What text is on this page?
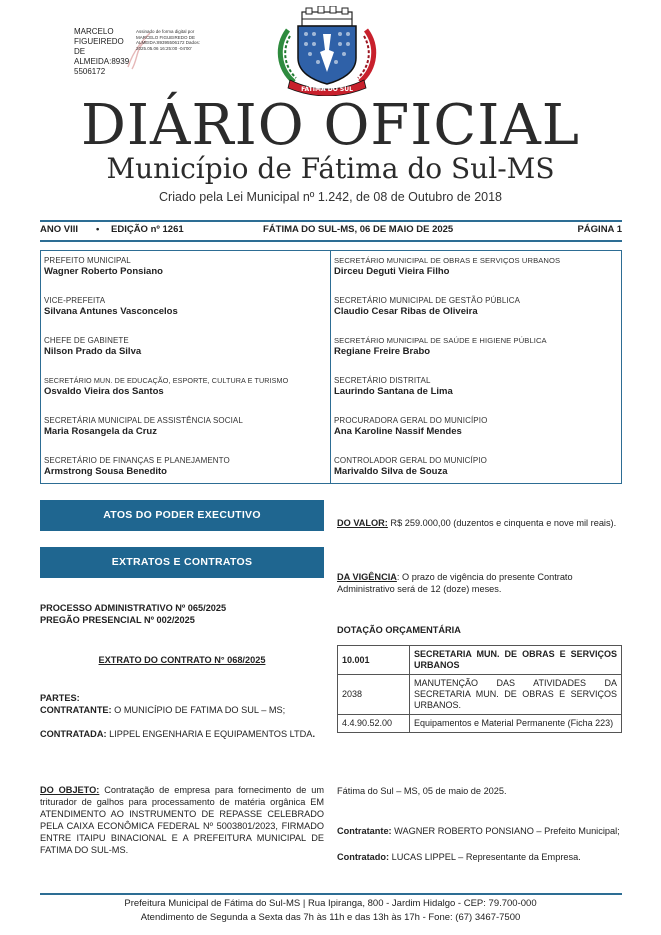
MARCELO FIGUEIREDO DE ALMEIDA:8939 5506172
Assinado de forma digital por MARCELO FIGUEIREDO DE ALMEIDA:89395506172 Dados: 2025.05.06 16:25:00 -04'00'
FATIMA DO SUL
DIÁRIO OFICIAL
Município de Fátima do Sul-MS
Criado pela Lei Municipal nº 1.242, de 08 de Outubro de 2018
ANO VIII • EDIÇÃO nº 1261	FÁTIMA DO SUL-MS, 06 DE MAIO DE 2025	PÁGINA 1
PREFEITO MUNICIPAL
Wagner Roberto Ponsiano
VICE-PREFEITA
Silvana Antunes Vasconcelos
CHEFE DE GABINETE
Nilson Prado da Silva
SECRETÁRIO MUN. DE EDUCAÇÃO, ESPORTE, CULTURA E TURISMO
Osvaldo Vieira dos Santos
SECRETÁRIA MUNICIPAL DE ASSISTÊNCIA SOCIAL
Maria Rosangela da Cruz
SECRETÁRIO DE FINANÇAS E PLANEJAMENTO
Armstrong Sousa Benedito
SECRETÁRIO MUNICIPAL DE OBRAS E SERVIÇOS URBANOS
Dirceu Deguti Vieira Filho
SECRETÁRIO MUNICIPAL DE GESTÃO PÚBLICA
Claudio Cesar Ribas de Oliveira
SECRETÁRIO MUNICIPAL DE SAÚDE E HIGIENE PÚBLICA
Regiane Freire Brabo
SECRETÁRIO DISTRITAL
Laurindo Santana de Lima
PROCURADORA GERAL DO MUNICÍPIO
Ana Karoline Nassif Mendes
CONTROLADOR GERAL DO MUNICÍPIO
Marivaldo Silva de Souza
ATOS DO PODER EXECUTIVO
EXTRATOS E CONTRATOS
PROCESSO ADMINISTRATIVO Nº 065/2025
PREGÃO PRESENCIAL Nº 002/2025
EXTRATO DO CONTRATO N° 068/2025
PARTES:
CONTRATANTE: O MUNICÍPIO DE FATIMA DO SUL – MS;
CONTRATADA: LIPPEL ENGENHARIA E EQUIPAMENTOS LTDA.
DO OBJETO: Contratação de empresa para fornecimento de um triturador de galhos para processamento de matéria orgânica EM ATENDIMENTO AO INSTRUMENTO DE REPASSE CELEBRADO PELA CAIXA ECONÔMICA FEDERAL Nº 5003801/2023, FIRMADO ENTRE ITAIPU BINACIONAL E A PREFEITURA MUNICIPAL DE FATIMA DO SUL-MS.
DO VALOR: R$ 259.000,00 (duzentos e cinquenta e nove mil reais).
DA VIGÊNCIA: O prazo de vigência do presente Contrato Administrativo será de 12 (doze) meses.
DOTAÇÃO ORÇAMENTÁRIA
10.001	SECRETARIA MUN. DE OBRAS E SERVIÇOS URBANOS
2038	MANUTENÇÃO DAS ATIVIDADES DA SECRETARIA MUN. DE OBRAS E SERVIÇOS URBANOS.
4.4.90.52.00	Equipamentos e Material Permanente (Ficha 223)
Fátima do Sul – MS, 05 de maio de 2025.
Contratante: WAGNER ROBERTO PONSIANO – Prefeito Municipal;
Contratado: LUCAS LIPPEL – Representante da Empresa.
Prefeitura Municipal de Fátima do Sul-MS | Rua Ipiranga, 800 - Jardim Hidalgo - CEP: 79.700-000
Atendimento de Segunda a Sexta das 7h às 11h e das 13h às 17h - Fone: (67) 3467-7500
